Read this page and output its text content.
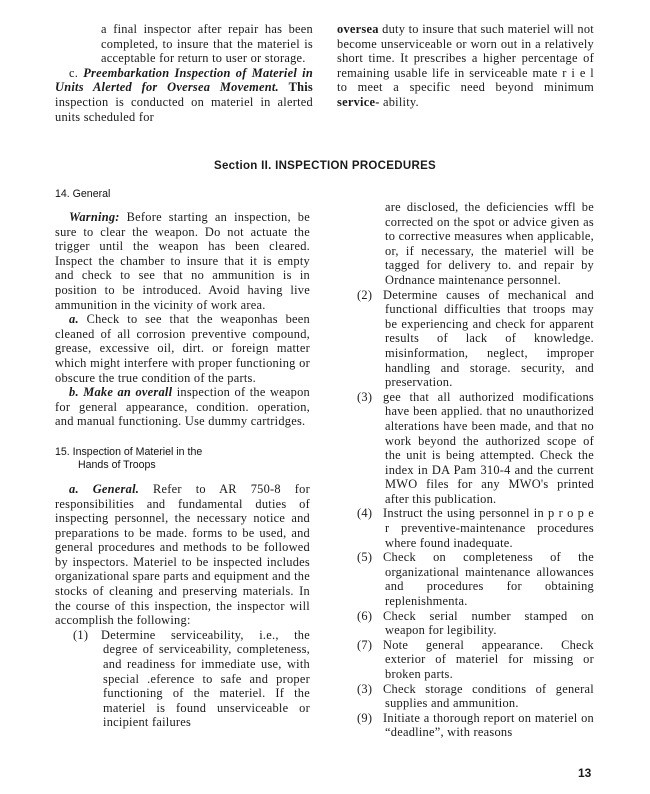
a final inspector after repair has been completed, to insure that the materiel is acceptable for return to user or storage.

c. Preembarkation Inspection of Materiel in Units Alerted for Oversea Movement. This inspection is conducted on materiel in alerted units scheduled for

oversea duty to insure that such materiel will not become unserviceable or worn out in a relatively short time. It prescribes a higher percentage of remaining usable life in serviceable mate r i e l to meet a specific need beyond minimum service- ability.

Section II. INSPECTION PROCEDURES
14. General

Warning: Before starting an inspection, be sure to clear the weapon. Do not actuate the trigger until the weapon has been cleared. Inspect the chamber to insure that it is empty and check to see that no ammunition is in position to be introduced. Avoid having live ammunition in the vicinity of work area.

a. Check to see that the weaponhas been cleaned of all corrosion preventive compound, grease, excessive oil, dirt. or foreign matter which might interfere with proper functioning or obscure the true condition of the parts.

b. Make an overall inspection of the weapon for general appearance, condition. operation, and manual functioning. Use dummy cartridges.

15. Inspection of Materiel in the
Hands of Troops

a. General. Refer to AR 750-8 for responsibilities and fundamental duties of inspecting personnel, the necessary notice and preparations to be made. forms to be used, and general procedures and methods to be followed by inspectors. Materiel to be inspected includes organizational spare parts and equipment and the stocks of cleaning and preserving materials. In the course of this inspection, the inspector will accomplish the following:

(1) Determine serviceability, i.e., the degree of serviceability, completeness, and readiness for immediate use, with special .eference to safe and proper functioning of the materiel. If the materiel is found unserviceable or incipient failures

are disclosed, the deficiencies wffl be corrected on the spot or advice given as to corrective measures when applicable, or, if necessary, the materiel will be tagged for delivery to. and repair by Ordnance maintenance personnel.

(2) Determine causes of mechanical and functional difficulties that troops may be experiencing and check for apparent results of lack of knowledge. misinformation, neglect, improper handling and storage. security, and preservation.

(3) gee that all authorized modifications have been applied. that no unauthorized alterations have been made, and that no work beyond the authorized scope of the unit is being attempted. Check the index in DA Pam 310-4 and the current MWO files for any MWO's printed after this publication.

(4) Instruct the using personnel in p r o p e r preventive-maintenance procedures where found inadequate.

(5) Check on completeness of the organizational maintenance allowances and procedures for obtaining replenishmenta.

(6) Check serial number stamped on weapon for legibility.

(7) Note general appearance. Check exterior of materiel for missing or broken parts.

(3) Check storage conditions of general supplies and ammunition.

(9) Initiate a thorough report on materiel on “deadline”, with reasons

13
